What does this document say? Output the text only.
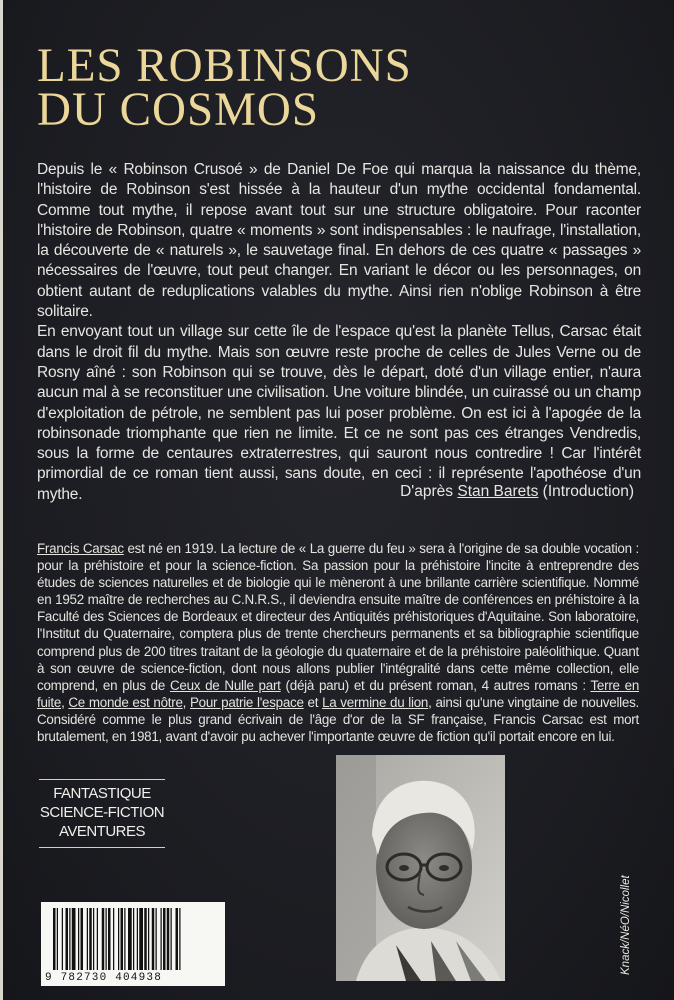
LES ROBINSONS
DU COSMOS

Depuis le « Robinson Crusoé » de Daniel De Foe qui marqua la naissance du thème, l'histoire de Robinson s'est hissée à la hauteur d'un mythe occidental fondamental. Comme tout mythe, il repose avant tout sur une structure obligatoire. Pour raconter l'histoire de Robinson, quatre « moments » sont indispensables : le naufrage, l'installation, la découverte de « naturels », le sauvetage final. En dehors de ces quatre « passages » nécessaires de l'œuvre, tout peut changer. En variant le décor ou les personnages, on obtient autant de reduplications valables du mythe. Ainsi rien n'oblige Robinson à être solitaire.

En envoyant tout un village sur cette île de l'espace qu'est la planète Tellus, Carsac était dans le droit fil du mythe. Mais son œuvre reste proche de celles de Jules Verne ou de Rosny aîné : son Robinson qui se trouve, dès le départ, doté d'un village entier, n'aura aucun mal à se reconstituer une civilisation. Une voiture blindée, un cuirassé ou un champ d'exploitation de pétrole, ne semblent pas lui poser problème. On est ici à l'apogée de la robinsonade triomphante que rien ne limite. Et ce ne sont pas ces étranges Vendredis, sous la forme de centaures extraterrestres, qui sauront nous contredire ! Car l'intérêt primordial de ce roman tient aussi, sans doute, en ceci : il représente l'apothéose d'un mythe.	D'après Stan Barets (Introduction)

Francis Carsac est né en 1919. La lecture de « La guerre du feu » sera à l'origine de sa double vocation : pour la préhistoire et pour la science-fiction. Sa passion pour la préhistoire l'incite à entreprendre des études de sciences naturelles et de biologie qui le mèneront à une brillante carrière scientifique. Nommé en 1952 maître de recherches au C.N.R.S., il deviendra ensuite maître de conférences en préhistoire à la Faculté des Sciences de Bordeaux et directeur des Antiquités préhistoriques d'Aquitaine. Son laboratoire, l'Institut du Quaternaire, comptera plus de trente chercheurs permanents et sa bibliographie scientifique comprend plus de 200 titres traitant de la géologie du quaternaire et de la préhistoire paléolithique. Quant à son œuvre de science-fiction, dont nous allons publier l'intégralité dans cette même collection, elle comprend, en plus de Ceux de Nulle part (déjà paru) et du présent roman, 4 autres romans : Terre en fuite, Ce monde est nôtre, Pour patrie l'espace et La vermine du lion, ainsi qu'une vingtaine de nouvelles. Considéré comme le plus grand écrivain de l'âge d'or de la SF française, Francis Carsac est mort brutalement, en 1981, avant d'avoir pu achever l'importante œuvre de fiction qu'il portait encore en lui.

FANTASTIQUE
SCIENCE-FICTION
AVENTURES
9 782730 404938
Knack/NéO/Nicollet
